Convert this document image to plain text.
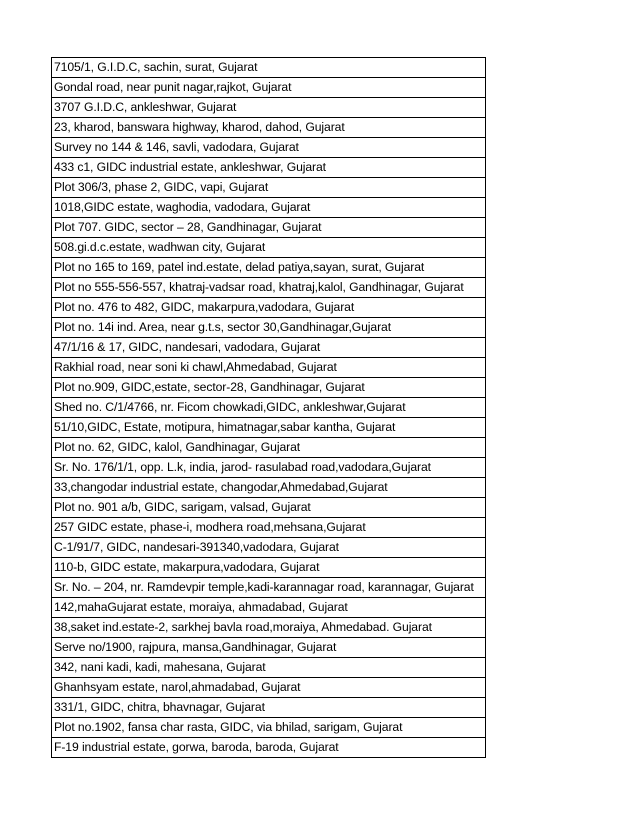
7105/1, G.I.D.C, sachin, surat, Gujarat
Gondal road, near punit nagar,rajkot, Gujarat
3707 G.I.D.C, ankleshwar, Gujarat
23, kharod, banswara highway, kharod, dahod, Gujarat
Survey no 144 & 146, savli, vadodara, Gujarat
433 c1, GIDC industrial estate, ankleshwar, Gujarat
Plot 306/3, phase 2, GIDC, vapi, Gujarat
1018,GIDC estate, waghodia, vadodara, Gujarat
Plot 707. GIDC, sector – 28, Gandhinagar, Gujarat
508.gi.d.c.estate, wadhwan city, Gujarat
Plot no 165 to 169, patel ind.estate, delad patiya,sayan, surat, Gujarat
Plot no 555-556-557, khatraj-vadsar road, khatraj,kalol, Gandhinagar, Gujarat
Plot no. 476 to 482, GIDC, makarpura,vadodara, Gujarat
Plot no. 14i ind. Area, near g.t.s, sector 30,Gandhinagar,Gujarat
47/1/16 & 17, GIDC, nandesari, vadodara, Gujarat
Rakhial road, near soni ki chawl,Ahmedabad, Gujarat
Plot no.909, GIDC,estate, sector-28, Gandhinagar, Gujarat
Shed no. C/1/4766, nr. Ficom chowkadi,GIDC, ankleshwar,Gujarat
51/10,GIDC, Estate, motipura, himatnagar,sabar kantha, Gujarat
Plot no. 62, GIDC, kalol, Gandhinagar, Gujarat
Sr. No. 176/1/1, opp. L.k, india, jarod- rasulabad road,vadodara,Gujarat
33,changodar industrial estate, changodar,Ahmedabad,Gujarat
Plot no. 901 a/b, GIDC, sarigam, valsad, Gujarat
257 GIDC estate, phase-i, modhera road,mehsana,Gujarat
C-1/91/7, GIDC, nandesari-391340,vadodara, Gujarat
110-b, GIDC estate, makarpura,vadodara, Gujarat
Sr. No. – 204, nr. Ramdevpir temple,kadi-karannagar road, karannagar, Gujarat
142,mahaGujarat estate, moraiya, ahmadabad, Gujarat
38,saket ind.estate-2, sarkhej bavla road,moraiya, Ahmedabad. Gujarat
Serve no/1900, rajpura, mansa,Gandhinagar, Gujarat
342, nani kadi, kadi, mahesana, Gujarat
Ghanhsyam estate, narol,ahmadabad, Gujarat
331/1, GIDC, chitra, bhavnagar, Gujarat
Plot no.1902, fansa char rasta, GIDC, via bhilad, sarigam, Gujarat
F-19 industrial estate, gorwa, baroda, baroda, Gujarat
